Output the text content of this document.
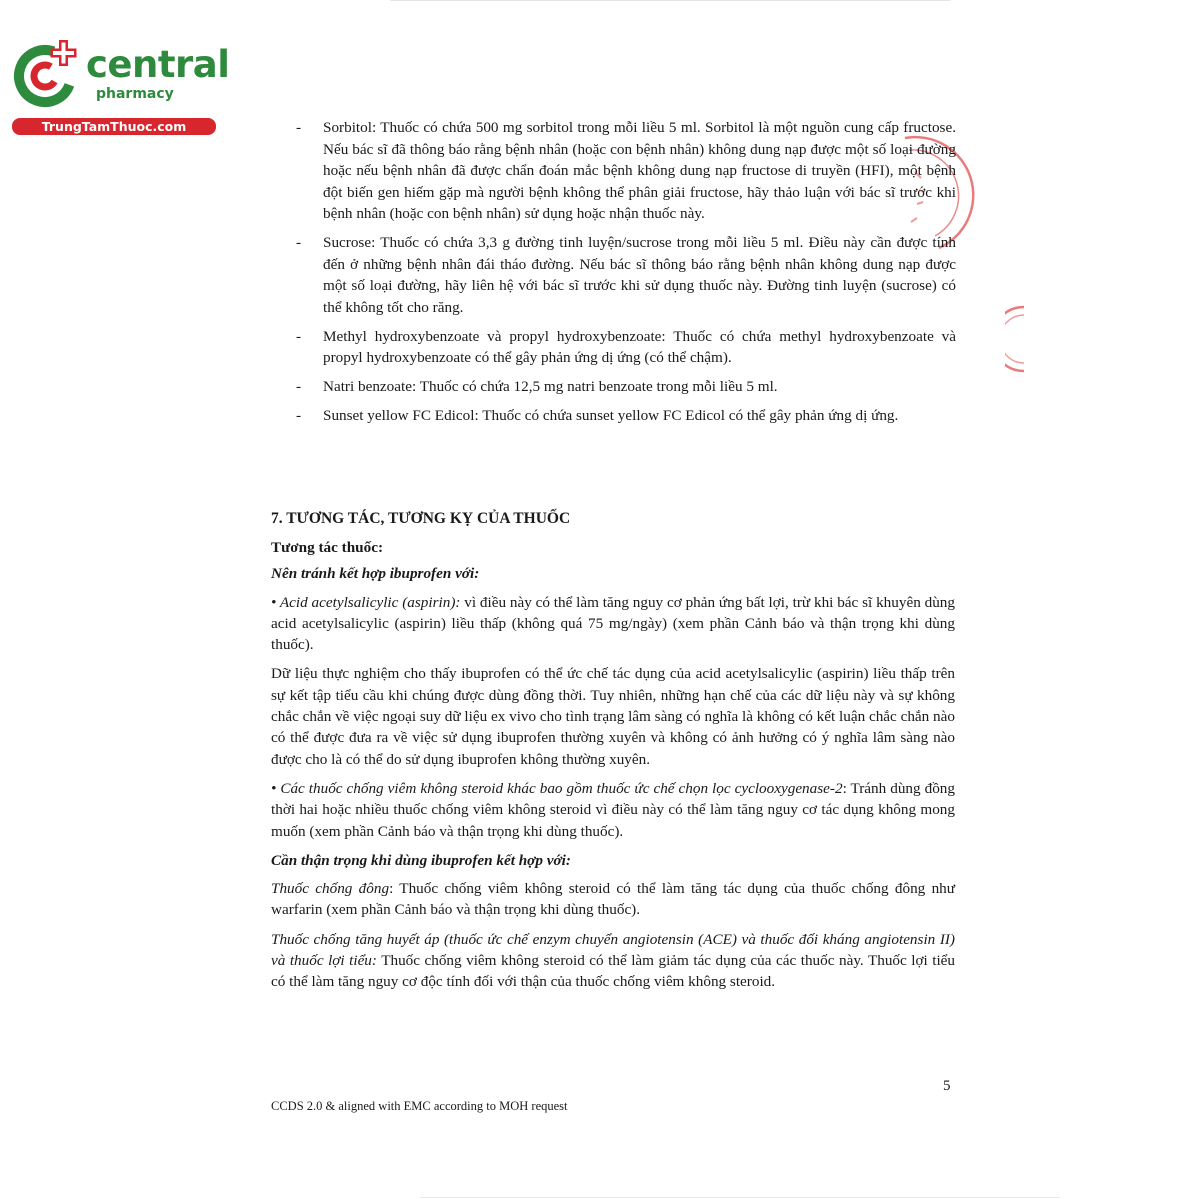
central
pharmacy
TrungTamThuoc.com	- Sorbitol: Thuốc có chứa 500 mg sorbitol trong mỗi liều 5 ml. Sorbitol là một nguồn cung cấp fructose. Nếu bác sĩ đã thông báo rằng bệnh nhân (hoặc con bệnh nhân) không dung nạp được một số loại đường hoặc nếu bệnh nhân đã được chẩn đoán mắc bệnh không dung nạp fructose di truyền (HFI), một bệnh đột biến gen hiếm gặp mà người bệnh không thể phân giải fructose, hãy thảo luận với bác sĩ trước khi bệnh nhân (hoặc con bệnh nhân) sử dụng hoặc nhận thuốc này.
- Sucrose: Thuốc có chứa 3,3 g đường tinh luyện/sucrose trong mỗi liều 5 ml. Điều này cần được tính đến ở những bệnh nhân đái tháo đường. Nếu bác sĩ thông báo rằng bệnh nhân không dung nạp được một số loại đường, hãy liên hệ với bác sĩ trước khi sử dụng thuốc này. Đường tinh luyện (sucrose) có thể không tốt cho răng.
- Methyl hydroxybenzoate và propyl hydroxybenzoate: Thuốc có chứa methyl hydroxybenzoate và propyl hydroxybenzoate có thể gây phản ứng dị ứng (có thể chậm).
- Natri benzoate: Thuốc có chứa 12,5 mg natri benzoate trong mỗi liều 5 ml.
- Sunset yellow FC Edicol: Thuốc có chứa sunset yellow FC Edicol có thể gây phản ứng dị ứng.
7. TƯƠNG TÁC, TƯƠNG KỴ CỦA THUỐC

Tương tác thuốc:

Nên tránh kết hợp ibuprofen với:

• Acid acetylsalicylic (aspirin): vì điều này có thể làm tăng nguy cơ phản ứng bất lợi, trừ khi bác sĩ khuyên dùng acid acetylsalicylic (aspirin) liều thấp (không quá 75 mg/ngày) (xem phần Cảnh báo và thận trọng khi dùng thuốc).

Dữ liệu thực nghiệm cho thấy ibuprofen có thể ức chế tác dụng của acid acetylsalicylic (aspirin) liều thấp trên sự kết tập tiểu cầu khi chúng được dùng đồng thời. Tuy nhiên, những hạn chế của các dữ liệu này và sự không chắc chắn về việc ngoại suy dữ liệu ex vivo cho tình trạng lâm sàng có nghĩa là không có kết luận chắc chắn nào có thể được đưa ra về việc sử dụng ibuprofen thường xuyên và không có ảnh hưởng có ý nghĩa lâm sàng nào được cho là có thể do sử dụng ibuprofen không thường xuyên.

• Các thuốc chống viêm không steroid khác bao gồm thuốc ức chế chọn lọc cyclooxygenase-2: Tránh dùng đồng thời hai hoặc nhiều thuốc chống viêm không steroid vì điều này có thể làm tăng nguy cơ tác dụng không mong muốn (xem phần Cảnh báo và thận trọng khi dùng thuốc).

Cần thận trọng khi dùng ibuprofen kết hợp với:

Thuốc chống đông: Thuốc chống viêm không steroid có thể làm tăng tác dụng của thuốc chống đông như warfarin (xem phần Cảnh báo và thận trọng khi dùng thuốc).

Thuốc chống tăng huyết áp (thuốc ức chế enzym chuyển angiotensin (ACE) và thuốc đối kháng angiotensin II) và thuốc lợi tiểu: Thuốc chống viêm không steroid có thể làm giảm tác dụng của các thuốc này. Thuốc lợi tiểu có thể làm tăng nguy cơ độc tính đối với thận của thuốc chống viêm không steroid.

5
CCDS 2.0 & aligned with EMC according to MOH request
